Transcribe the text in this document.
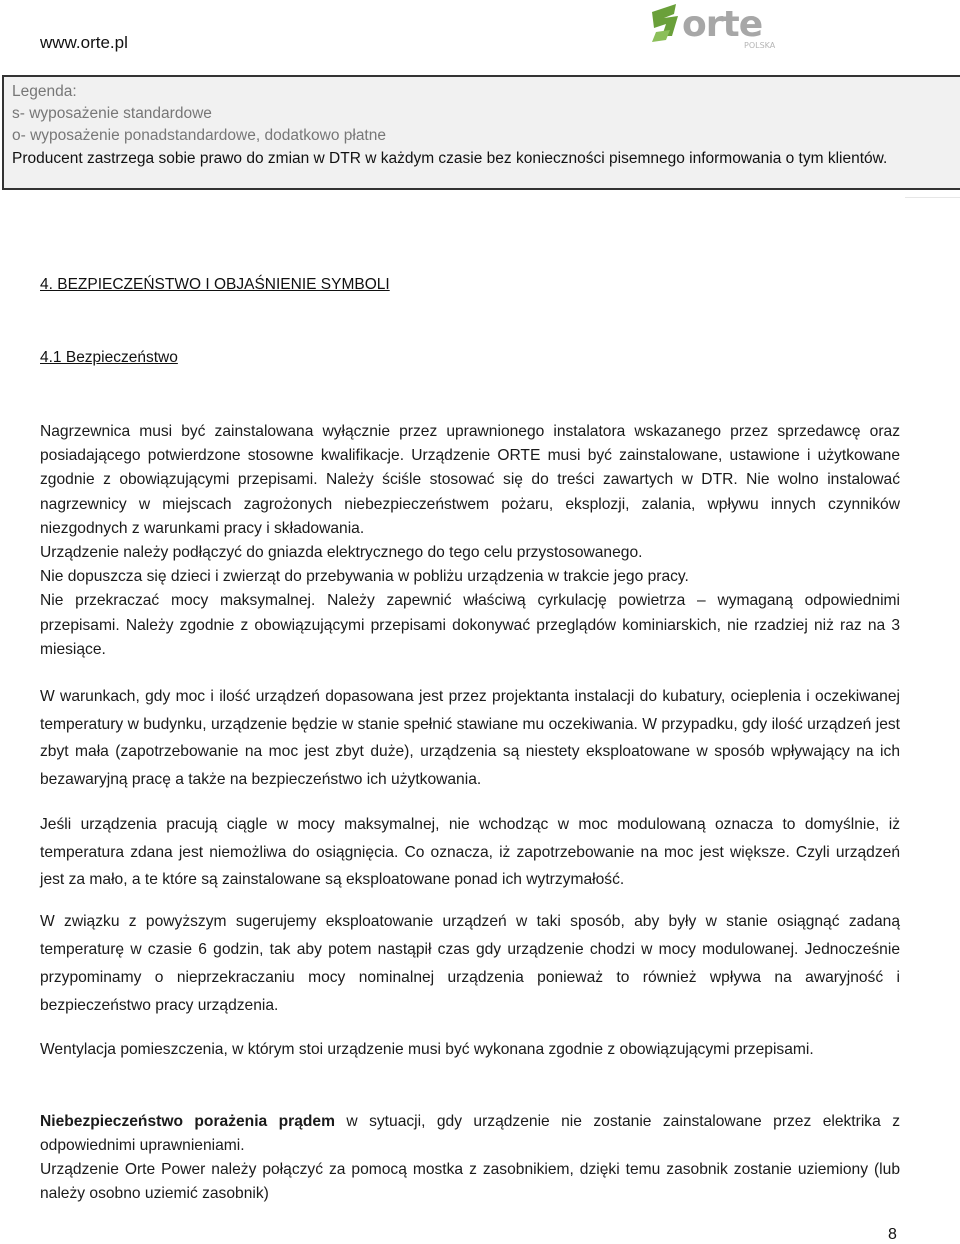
www.orte.pl	orte
POLSKA
Legenda:
s- wyposażenie standardowe
o- wyposażenie ponadstandardowe, dodatkowo płatne
Producent zastrzega sobie prawo do zmian w DTR w każdym czasie bez konieczności pisemnego informowania o tym klientów.
4. BEZPIECZEŃSTWO I OBJAŚNIENIE SYMBOLI
4.1 Bezpieczeństwo
Nagrzewnica musi być zainstalowana wyłącznie przez uprawnionego instalatora wskazanego przez sprzedawcę oraz posiadającego potwierdzone stosowne kwalifikacje. Urządzenie ORTE musi być zainstalowane, ustawione i użytkowane zgodnie z obowiązującymi przepisami. Należy ściśle stosować się do treści zawartych w DTR. Nie wolno instalować nagrzewnicy w miejscach zagrożonych niebezpieczeństwem pożaru, eksplozji, zalania, wpływu innych czynników niezgodnych z warunkami pracy i składowania.
Urządzenie należy podłączyć do gniazda elektrycznego do tego celu przystosowanego.
Nie dopuszcza się dzieci i zwierząt do przebywania w pobliżu urządzenia w trakcie jego pracy.
Nie przekraczać mocy maksymalnej. Należy zapewnić właściwą cyrkulację powietrza – wymaganą odpowiednimi przepisami. Należy zgodnie z obowiązującymi przepisami dokonywać przeglądów kominiarskich, nie rzadziej niż raz na 3 miesiące.

W warunkach, gdy moc i ilość urządzeń dopasowana jest przez projektanta instalacji do kubatury, ocieplenia i oczekiwanej temperatury w budynku, urządzenie będzie w stanie spełnić stawiane mu oczekiwania. W przypadku, gdy ilość urządzeń jest zbyt mała (zapotrzebowanie na moc jest zbyt duże), urządzenia są niestety eksploatowane w sposób wpływający na ich bezawaryjną pracę a także na bezpieczeństwo ich użytkowania.

Jeśli urządzenia pracują ciągle w mocy maksymalnej, nie wchodząc w moc modulowaną oznacza to domyślnie, iż temperatura zdana jest niemożliwa do osiągnięcia. Co oznacza, iż zapotrzebowanie na moc jest większe. Czyli urządzeń jest za mało, a te które są zainstalowane są eksploatowane ponad ich wytrzymałość.

W związku z powyższym sugerujemy eksploatowanie urządzeń w taki sposób, aby były w stanie osiągnąć zadaną temperaturę w czasie 6 godzin, tak aby potem nastąpił czas gdy urządzenie chodzi w mocy modulowanej. Jednocześnie przypominamy o nieprzekraczaniu mocy nominalnej urządzenia ponieważ to również wpływa na awaryjność i bezpieczeństwo pracy urządzenia.

Wentylacja pomieszczenia, w którym stoi urządzenie musi być wykonana zgodnie z obowiązującymi przepisami.

Niebezpieczeństwo porażenia prądem w sytuacji, gdy urządzenie nie zostanie zainstalowane przez elektrika z odpowiednimi uprawnieniami.
Urządzenie Orte Power należy połączyć za pomocą mostka z zasobnikiem, dzięki temu zasobnik zostanie uziemiony (lub należy osobno uziemić zasobnik)
8
